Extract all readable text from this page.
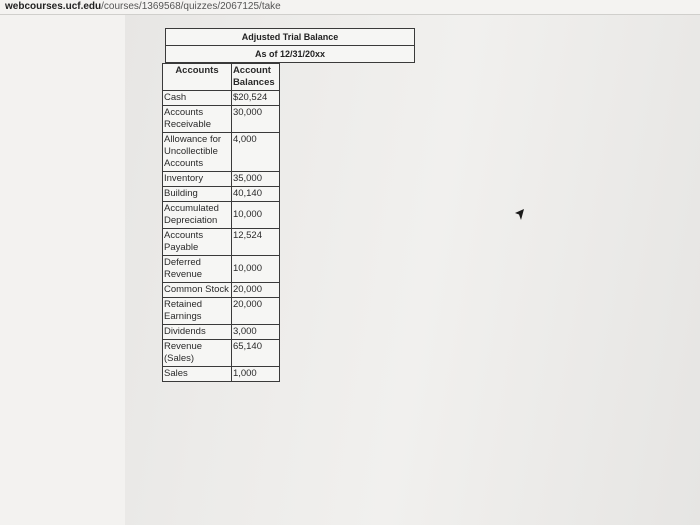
webcourses.ucf.edu/courses/1369568/quizzes/2067125/take
Adjusted Trial Balance
As of 12/31/20xx
Accounts	Account Balances
Cash	$20,524
Accounts Receivable	30,000
Allowance for Uncollectible Accounts	4,000
Inventory	35,000
Building	40,140
Accumulated Depreciation	10,000
Accounts Payable	12,524
Deferred Revenue	10,000
Common Stock	20,000
Retained Earnings	20,000
Dividends	3,000
Revenue (Sales)	65,140
Sales	1,000
